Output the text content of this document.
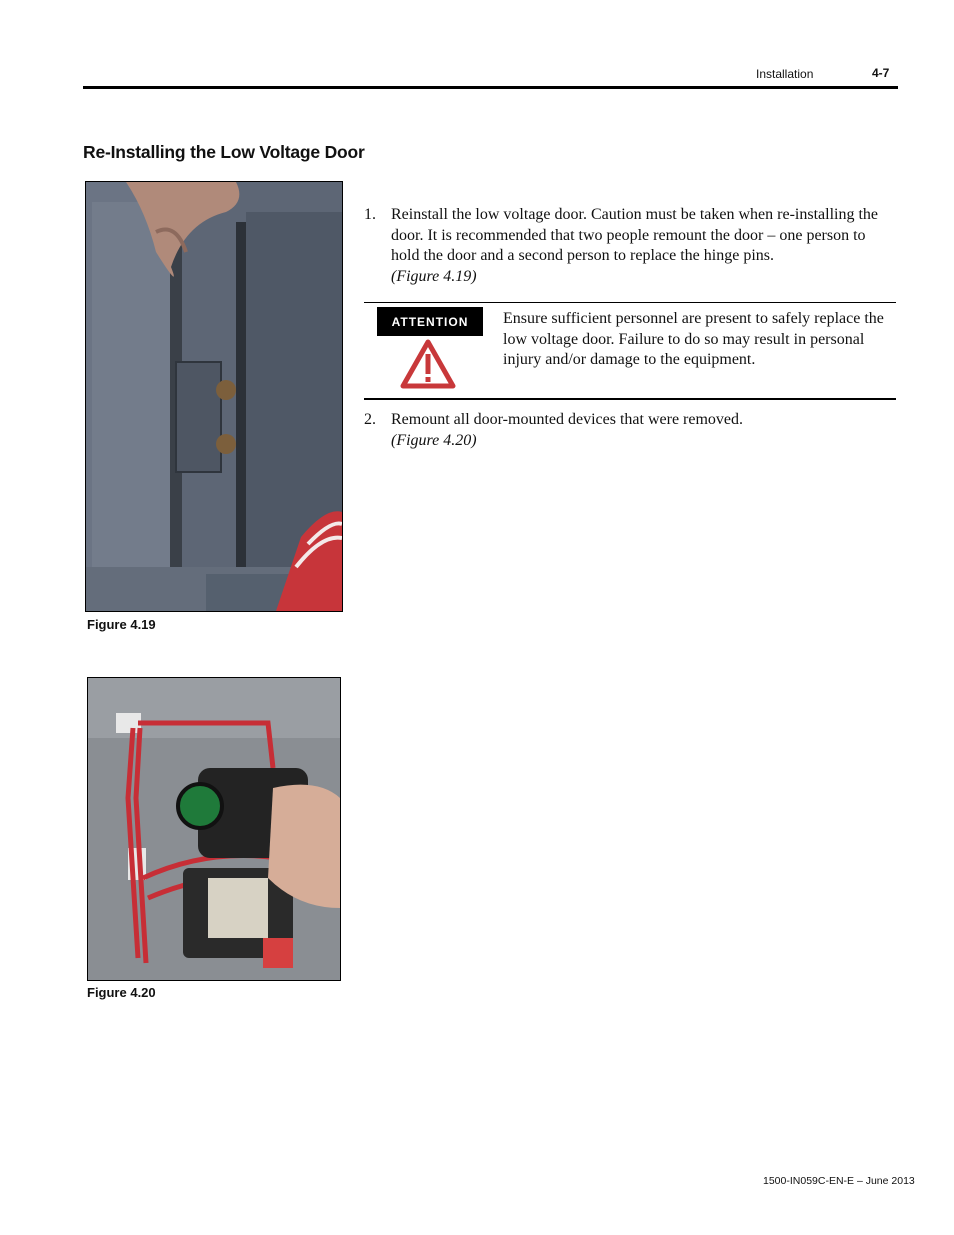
Installation	4-7
Re-Installing the Low Voltage Door
Figure 4.19
Figure 4.20
1. Reinstall the low voltage door. Caution must be taken when re-installing the door. It is recommended that two people remount the door – one person to hold the door and a second person to replace the hinge pins.
(Figure 4.19)
ATTENTION	Ensure sufficient personnel are present to safely replace the low voltage door. Failure to do so may result in personal injury and/or damage to the equipment.
2. Remount all door-mounted devices that were removed.
(Figure 4.20)
1500-IN059C-EN-E – June 2013
